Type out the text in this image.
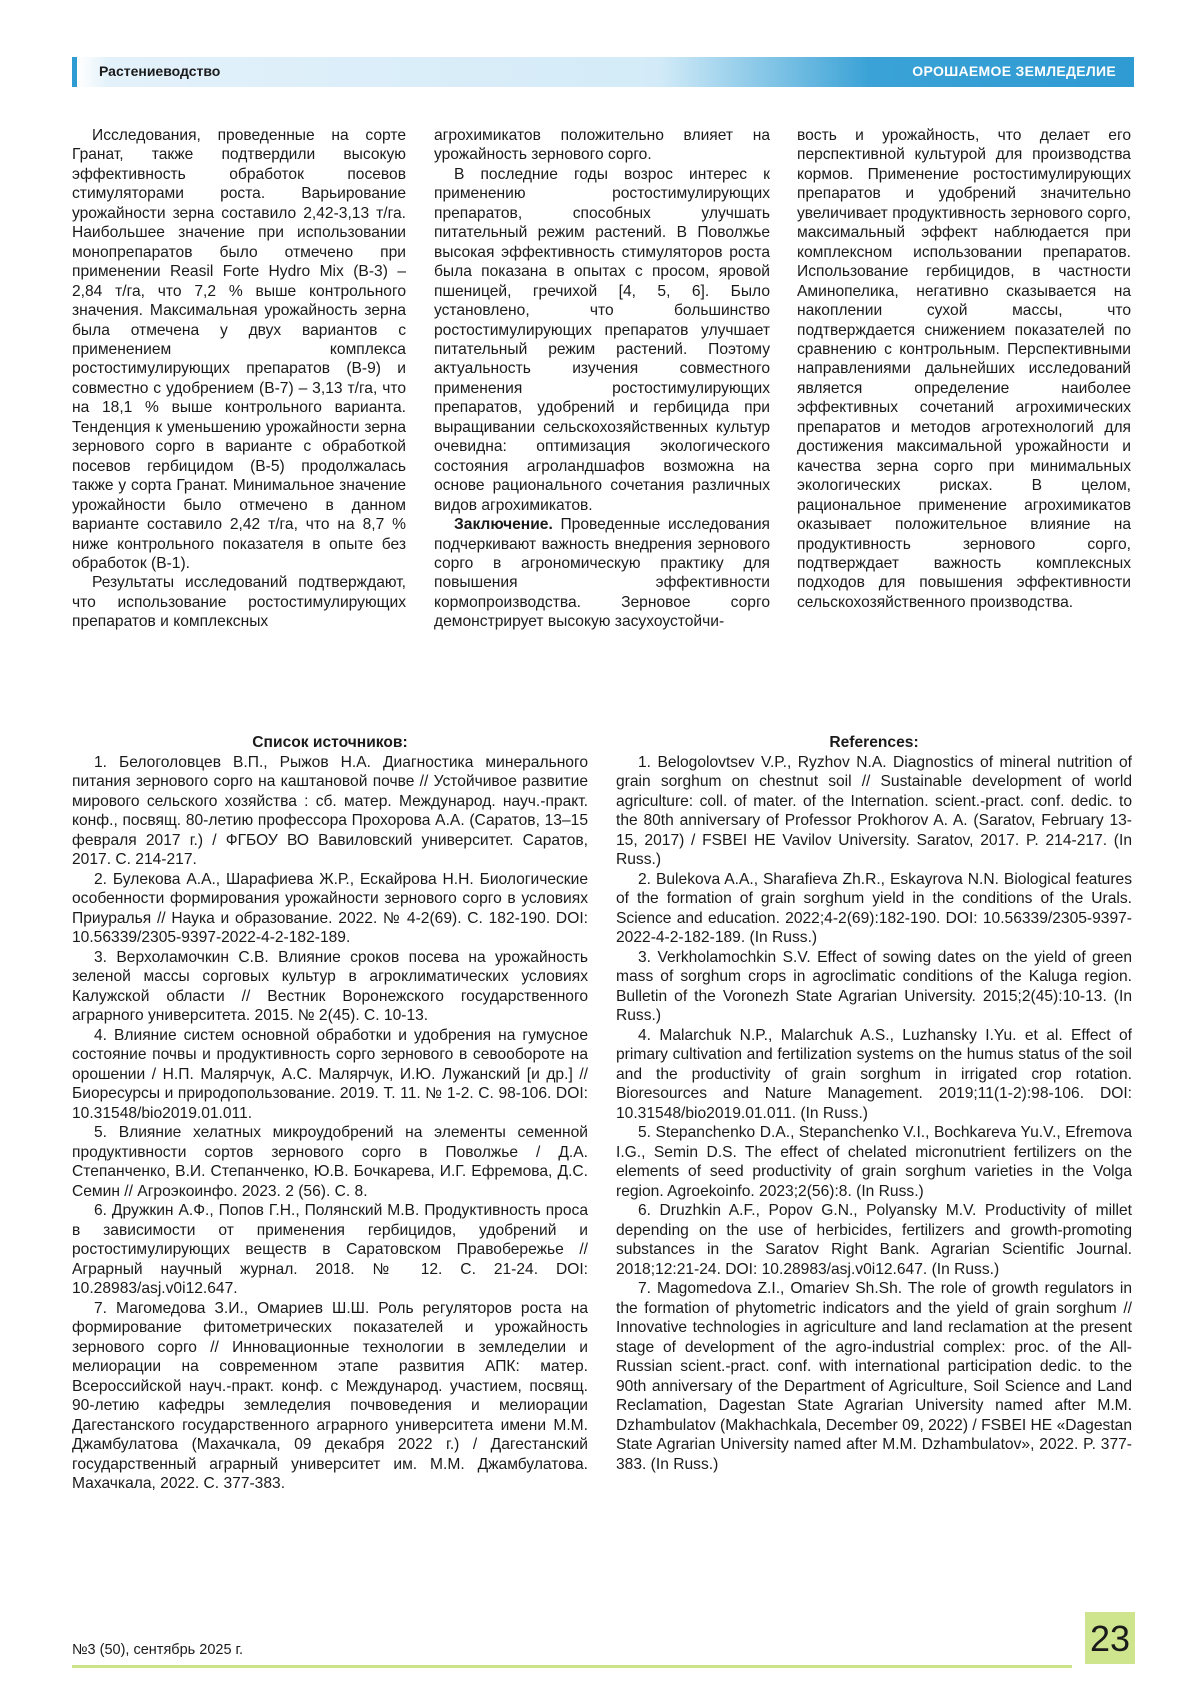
Растениеводство	ОРОШАЕМОЕ ЗЕМЛЕДЕЛИЕ

Исследования, проведенные на сорте Гранат, также подтвердили высокую эффективность обработок посевов стимуляторами роста. Варьирование урожайности зерна составило 2,42-3,13 т/га. Наибольшее значение при использовании монопрепаратов было отмечено при применении Reasil Forte Hydro Mix (В-3) – 2,84 т/га, что 7,2 % выше контрольного значения. Максимальная урожайность зерна была отмечена у двух вариантов с применением комплекса ростостимулирующих препаратов (В-9) и совместно с удобрением (В-7) – 3,13 т/га, что на 18,1 % выше контрольного варианта. Тенденция к уменьшению урожайности зерна зернового сорго в варианте с обработкой посевов гербицидом (В-5) продолжалась также у сорта Гранат. Минимальное значение урожайности было отмечено в данном варианте составило 2,42 т/га, что на 8,7 % ниже контрольного показателя в опыте без обработок (В-1).

Результаты исследований подтверждают, что использование ростостимулирующих препаратов и комплексных

агрохимикатов положительно влияет на урожайность зернового сорго.

В последние годы возрос интерес к применению ростостимулирующих препаратов, способных улучшать питательный режим растений. В Поволжье высокая эффективность стимуляторов роста была показана в опытах с просом, яровой пшеницей, гречихой [4, 5, 6]. Было установлено, что большинство ростостимулирующих препаратов улучшает питательный режим растений. Поэтому актуальность изучения совместного применения ростостимулирующих препаратов, удобрений и гербицида при выращивании сельскохозяйственных культур очевидна: оптимизация экологического состояния агроландшафов возможна на основе рационального сочетания различных видов агрохимикатов.

Заключение. Проведенные исследования подчеркивают важность внедрения зернового сорго в агрономическую практику для повышения эффективности кормопроизводства. Зерновое сорго демонстрирует высокую засухоустойчи-

вость и урожайность, что делает его перспективной культурой для производства кормов. Применение ростостимулирующих препаратов и удобрений значительно увеличивает продуктивность зернового сорго, максимальный эффект наблюдается при комплексном использовании препаратов. Использование гербицидов, в частности Аминопелика, негативно сказывается на накоплении сухой массы, что подтверждается снижением показателей по сравнению с контрольным. Перспективными направлениями дальнейших исследований является определение наиболее эффективных сочетаний агрохимических препаратов и методов агротехнологий для достижения максимальной урожайности и качества зерна сорго при минимальных экологических рисках. В целом, рациональное применение агрохимикатов оказывает положительное влияние на продуктивность зернового сорго, подтверждает важность комплексных подходов для повышения эффективности сельскохозяйственного производства.

Список источников:

1. Белоголовцев В.П., Рыжов Н.А. Диагностика минерального питания зернового сорго на каштановой почве // Устойчивое развитие мирового сельского хозяйства : сб. матер. Международ. науч.-практ. конф., посвящ. 80-летию профессора Прохорова А.А. (Саратов, 13–15 февраля 2017 г.) / ФГБОУ ВО Вавиловский университет. Саратов, 2017. С. 214-217.

2. Булекова А.А., Шарафиева Ж.Р., Ескайрова Н.Н. Биологические особенности формирования урожайности зернового сорго в условиях Приуралья // Наука и образование. 2022. № 4-2(69). С. 182-190. DOI: 10.56339/2305-9397-2022-4-2-182-189.

3. Верхоламочкин С.В. Влияние сроков посева на урожайность зеленой массы сорговых культур в агроклиматических условиях Калужской области // Вестник Воронежского государственного аграрного университета. 2015. № 2(45). С. 10-13.

4. Влияние систем основной обработки и удобрения на гумусное состояние почвы и продуктивность сорго зернового в севообороте на орошении / Н.П. Малярчук, А.С. Малярчук, И.Ю. Лужанский [и др.] // Биоресурсы и природопользование. 2019. Т. 11. № 1-2. С. 98-106. DOI: 10.31548/bio2019.01.011.

5. Влияние хелатных микроудобрений на элементы семенной продуктивности сортов зернового сорго в Поволжье / Д.А. Степанченко, В.И. Степанченко, Ю.В. Бочкарева, И.Г. Ефремова, Д.С. Семин // Агроэкоинфо. 2023. 2 (56). С. 8.

6. Дружкин А.Ф., Попов Г.Н., Полянский М.В. Продуктивность проса в зависимости от применения гербицидов, удобрений и ростостимулирующих веществ в Саратовском Правобережье // Аграрный научный журнал. 2018. № 12. С. 21-24. DOI: 10.28983/asj.v0i12.647.

7. Магомедова З.И., Омариев Ш.Ш. Роль регуляторов роста на формирование фитометрических показателей и урожайность зернового сорго // Инновационные технологии в земледелии и мелиорации на современном этапе развития АПК: матер. Всероссийской науч.-практ. конф. с Международ. участием, посвящ. 90-летию кафедры земледелия почвоведения и мелиорации Дагестанского государственного аграрного университета имени М.М. Джамбулатова (Махачкала, 09 декабря 2022 г.) / Дагестанский государственный аграрный университет им. М.М. Джамбулатова. Махачкала, 2022. С. 377-383.

References:

1. Belogolovtsev V.P., Ryzhov N.A. Diagnostics of mineral nutrition of grain sorghum on chestnut soil // Sustainable development of world agriculture: coll. of mater. of the Internation. scient.-pract. conf. dedic. to the 80th anniversary of Professor Prokhorov A. A. (Saratov, February 13-15, 2017) / FSBEI HE Vavilov University. Saratov, 2017. P. 214-217. (In Russ.)

2. Bulekova A.A., Sharafieva Zh.R., Eskayrova N.N. Biological features of the formation of grain sorghum yield in the conditions of the Urals. Science and education. 2022;4-2(69):182-190. DOI: 10.56339/2305-9397-2022-4-2-182-189. (In Russ.)

3. Verkholamochkin S.V. Effect of sowing dates on the yield of green mass of sorghum crops in agroclimatic conditions of the Kaluga region. Bulletin of the Voronezh State Agrarian University. 2015;2(45):10-13. (In Russ.)

4. Malarchuk N.P., Malarchuk A.S., Luzhansky I.Yu. et al. Effect of primary cultivation and fertilization systems on the humus status of the soil and the productivity of grain sorghum in irrigated crop rotation. Bioresources and Nature Management. 2019;11(1-2):98-106. DOI: 10.31548/bio2019.01.011. (In Russ.)

5. Stepanchenko D.A., Stepanchenko V.I., Bochkareva Yu.V., Efremova I.G., Semin D.S. The effect of chelated micronutrient fertilizers on the elements of seed productivity of grain sorghum varieties in the Volga region. Agroekoinfo. 2023;2(56):8. (In Russ.)

6. Druzhkin A.F., Popov G.N., Polyansky M.V. Productivity of millet depending on the use of herbicides, fertilizers and growth-promoting substances in the Saratov Right Bank. Agrarian Scientific Journal. 2018;12:21-24. DOI: 10.28983/asj.v0i12.647. (In Russ.)

7. Magomedova Z.I., Omariev Sh.Sh. The role of growth regulators in the formation of phytometric indicators and the yield of grain sorghum // Innovative technologies in agriculture and land reclamation at the present stage of development of the agro-industrial complex: proc. of the All-Russian scient.-pract. conf. with international participation dedic. to the 90th anniversary of the Department of Agriculture, Soil Science and Land Reclamation, Dagestan State Agrarian University named after M.M. Dzhambulatov (Makhachkala, December 09, 2022) / FSBEI HE «Dagestan State Agrarian University named after M.M. Dzhambulatov», 2022. P. 377-383. (In Russ.)

№3 (50), сентябрь 2025 г.	23
